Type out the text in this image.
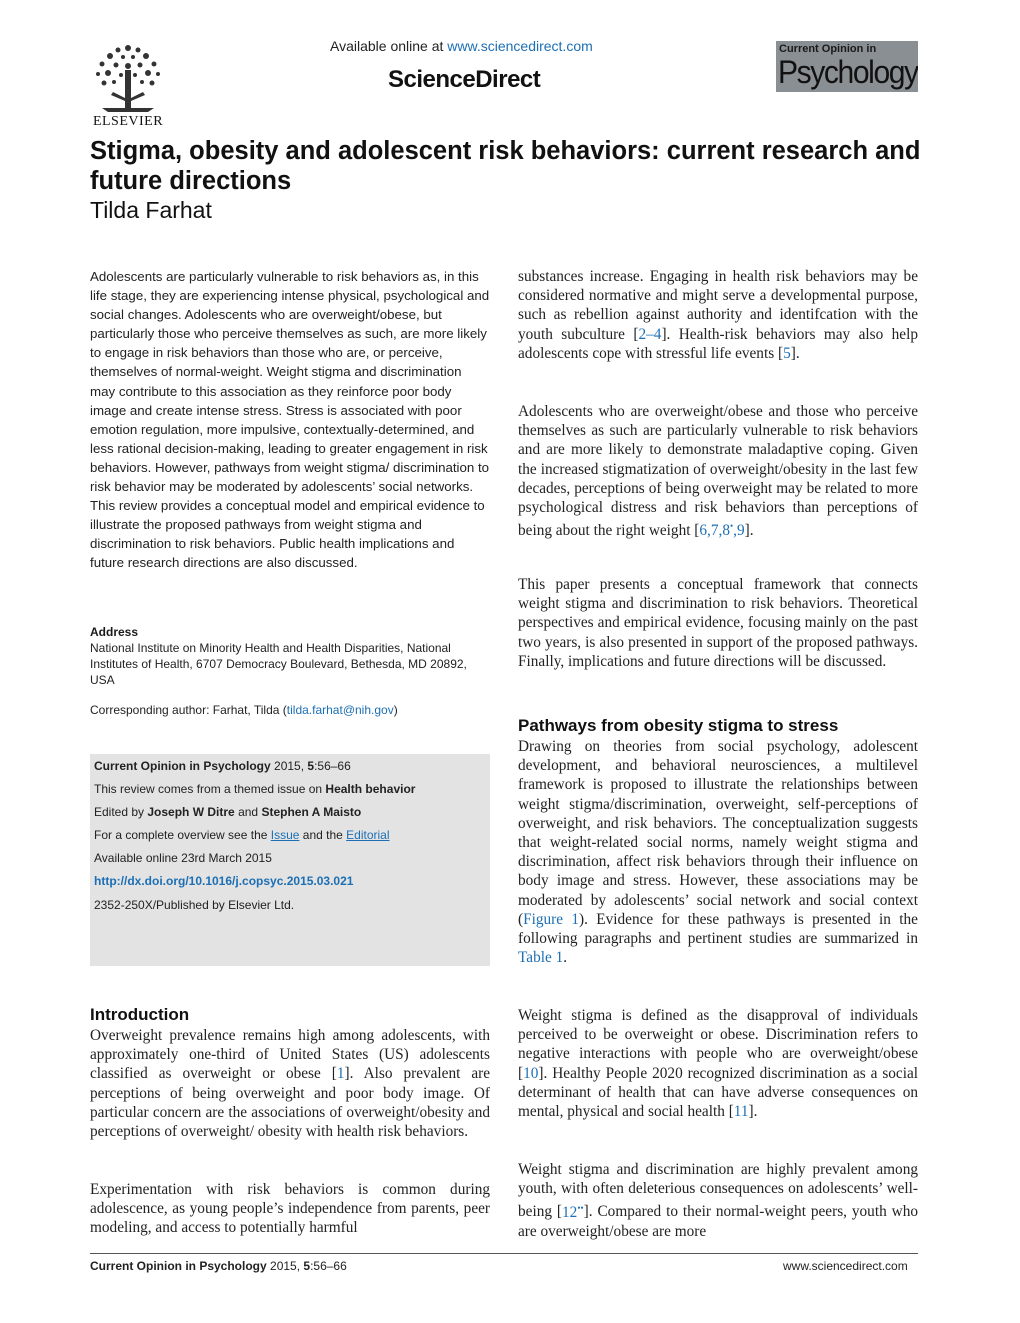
ELSEVIER
Available online at www.sciencedirect.com
ScienceDirect
Current Opinion in
Psychology
Stigma, obesity and adolescent risk behaviors: current research and future directions
Tilda Farhat

Adolescents are particularly vulnerable to risk behaviors as, in this life stage, they are experiencing intense physical, psychological and social changes. Adolescents who are overweight/obese, but particularly those who perceive themselves as such, are more likely to engage in risk behaviors than those who are, or perceive, themselves of normal-weight. Weight stigma and discrimination may contribute to this association as they reinforce poor body image and create intense stress. Stress is associated with poor emotion regulation, more impulsive, contextually-determined, and less rational decision-making, leading to greater engagement in risk behaviors. However, pathways from weight stigma/ discrimination to risk behavior may be moderated by adolescents’ social networks. This review provides a conceptual model and empirical evidence to illustrate the proposed pathways from weight stigma and discrimination to risk behaviors. Public health implications and future research directions are also discussed.

Address

National Institute on Minority Health and Health Disparities, National Institutes of Health, 6707 Democracy Boulevard, Bethesda, MD 20892, USA

Corresponding author: Farhat, Tilda (tilda.farhat@nih.gov)
Current Opinion in Psychology 2015, 5:56–66
This review comes from a themed issue on Health behavior
Edited by Joseph W Ditre and Stephen A Maisto
For a complete overview see the Issue and the Editorial
Available online 23rd March 2015
http://dx.doi.org/10.1016/j.copsyc.2015.03.021
2352-250X/Published by Elsevier Ltd.
Introduction

Overweight prevalence remains high among adolescents, with approximately one-third of United States (US) adolescents classified as overweight or obese [1]. Also prevalent are perceptions of being overweight and poor body image. Of particular concern are the associations of overweight/obesity and perceptions of overweight/ obesity with health risk behaviors.

Experimentation with risk behaviors is common during adolescence, as young people’s independence from parents, peer modeling, and access to potentially harmful

substances increase. Engaging in health risk behaviors may be considered normative and might serve a developmental purpose, such as rebellion against authority and identifcation with the youth subculture [2–4]. Health-risk behaviors may also help adolescents cope with stressful life events [5].

Adolescents who are overweight/obese and those who perceive themselves as such are particularly vulnerable to risk behaviors and are more likely to demonstrate maladaptive coping. Given the increased stigmatization of overweight/obesity in the last few decades, perceptions of being overweight may be related to more psychological distress and risk behaviors than perceptions of being about the right weight [6,7,8•,9].

This paper presents a conceptual framework that connects weight stigma and discrimination to risk behaviors. Theoretical perspectives and empirical evidence, focusing mainly on the past two years, is also presented in support of the proposed pathways. Finally, implications and future directions will be discussed.

Pathways from obesity stigma to stress

Drawing on theories from social psychology, adolescent development, and behavioral neurosciences, a multilevel framework is proposed to illustrate the relationships between weight stigma/discrimination, overweight, self-perceptions of overweight, and risk behaviors. The conceptualization suggests that weight-related social norms, namely weight stigma and discrimination, affect risk behaviors through their influence on body image and stress. However, these associations may be moderated by adolescents’ social network and social context (Figure 1). Evidence for these pathways is presented in the following paragraphs and pertinent studies are summarized in Table 1.

Weight stigma is defined as the disapproval of individuals perceived to be overweight or obese. Discrimination refers to negative interactions with people who are overweight/obese [10]. Healthy People 2020 recognized discrimination as a social determinant of health that can have adverse consequences on mental, physical and social health [11].

Weight stigma and discrimination are highly prevalent among youth, with often deleterious consequences on adolescents’ well-being [12••]. Compared to their normal-weight peers, youth who are overweight/obese are more

Current Opinion in Psychology 2015, 5:56–66	www.sciencedirect.com
